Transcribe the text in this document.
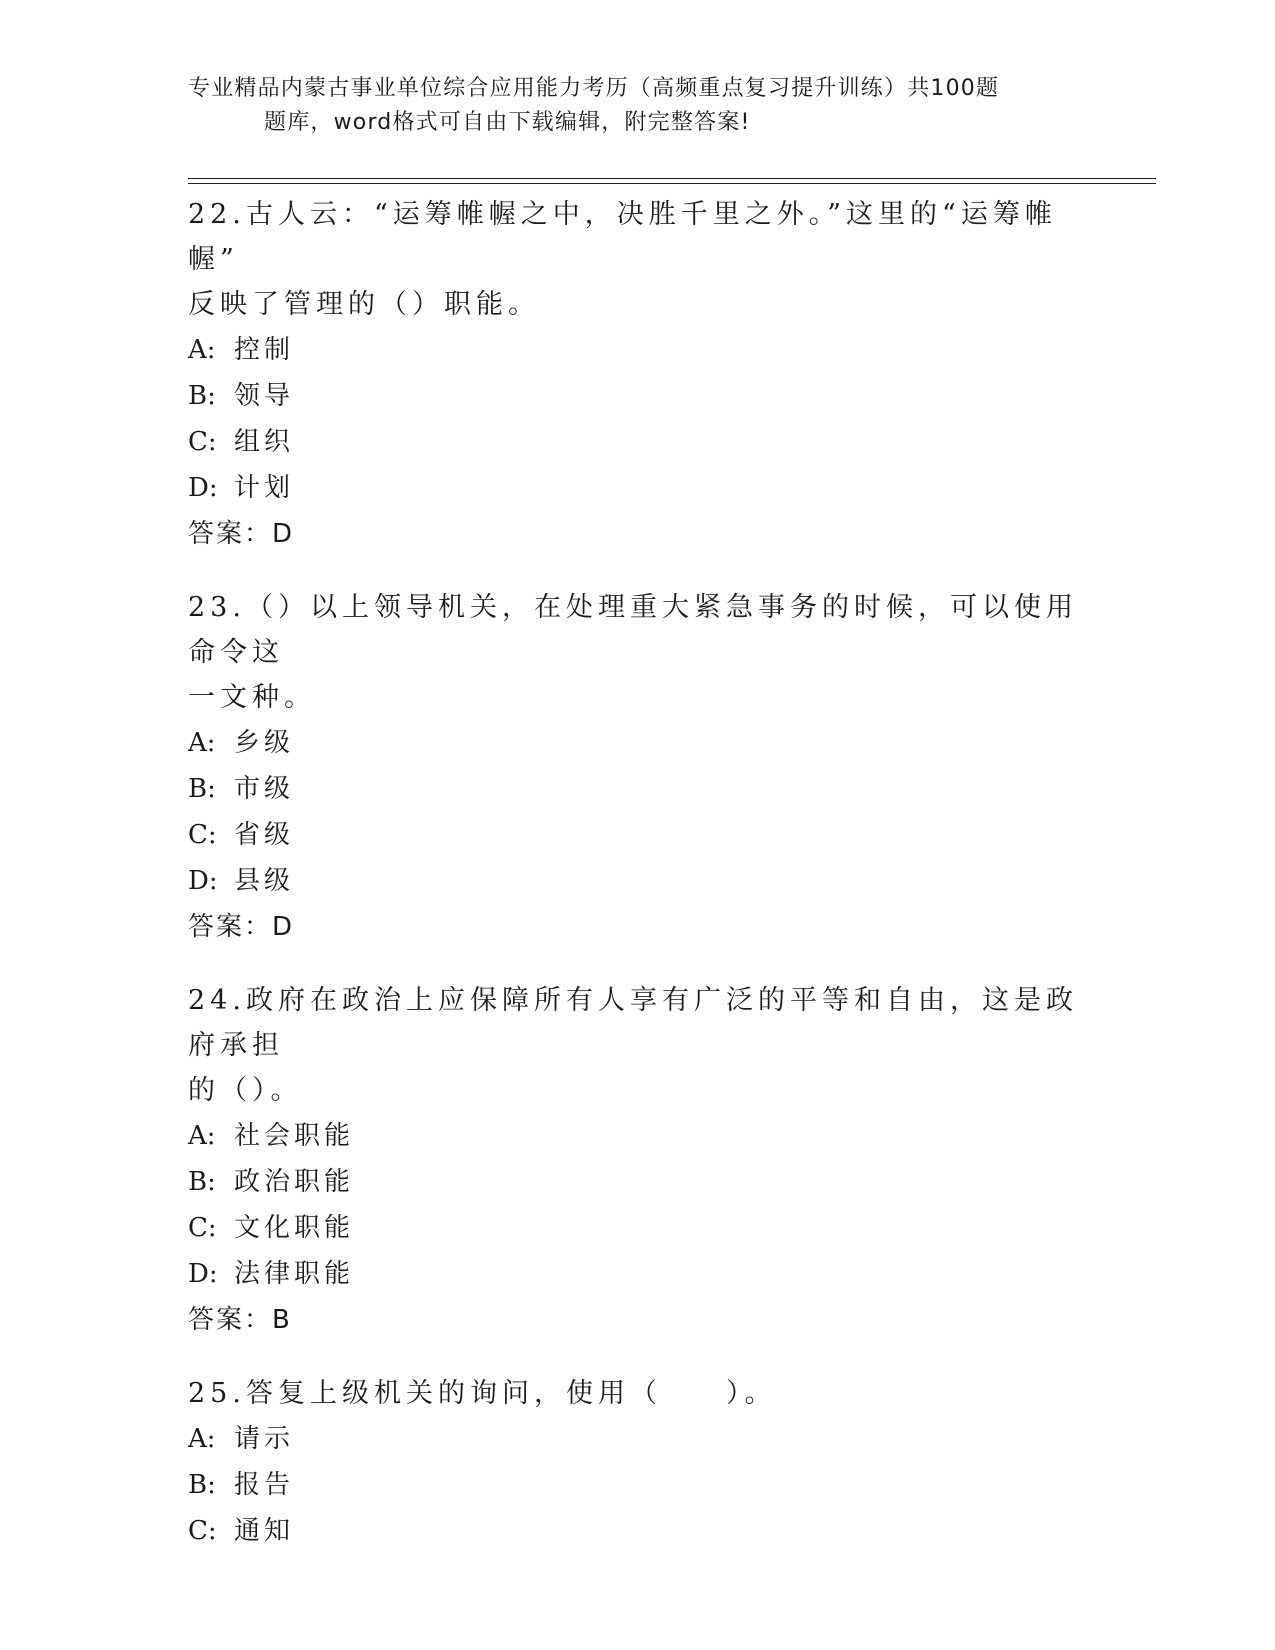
专业精品内蒙古事业单位综合应用能力考历（高频重点复习提升训练）共100题
题库，word格式可自由下载编辑，附完整答案!
22.古人云：“运筹帷幄之中，决胜千里之外。”这里的“运筹帷幄”
反映了管理的（）职能。
A: 控制
B: 领导
C: 组织
D: 计划
答案：D
23.（）以上领导机关，在处理重大紧急事务的时候，可以使用命令这
一文种。
A: 乡级
B: 市级
C: 省级
D: 县级
答案：D
24.政府在政治上应保障所有人享有广泛的平等和自由，这是政府承担
的（）。
A: 社会职能
B: 政治职能
C: 文化职能
D: 法律职能
答案：B
25.答复上级机关的询问，使用（　　）。
A: 请示
B: 报告
C: 通知
